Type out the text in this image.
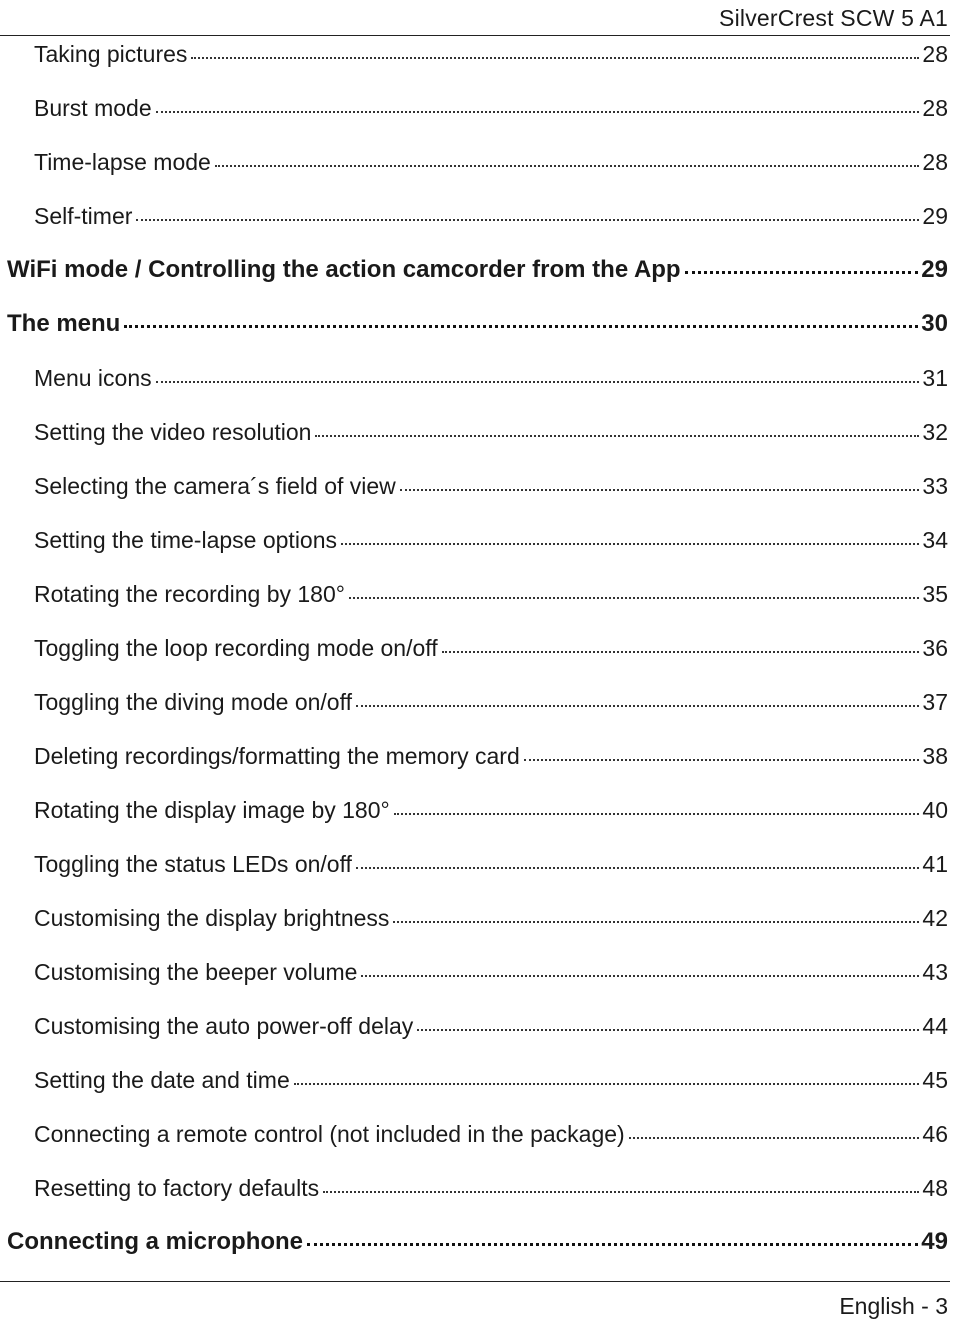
SilverCrest SCW 5 A1
Taking pictures	28
Burst mode	28
Time-lapse mode	28
Self-timer	29
WiFi mode / Controlling the action camcorder from the App	29
The menu	30
Menu icons	31
Setting the video resolution	32
Selecting the camera´s field of view	33
Setting the time-lapse options	34
Rotating the recording by 180°	35
Toggling the loop recording mode on/off	36
Toggling the diving mode on/off	37
Deleting recordings/formatting the memory card	38
Rotating the display image by 180°	40
Toggling the status LEDs on/off	41
Customising the display brightness	42
Customising the beeper volume	43
Customising the auto power-off delay	44
Setting the date and time	45
Connecting a remote control (not included in the package)	46
Resetting to factory defaults	48
Connecting a microphone	49
English - 3
